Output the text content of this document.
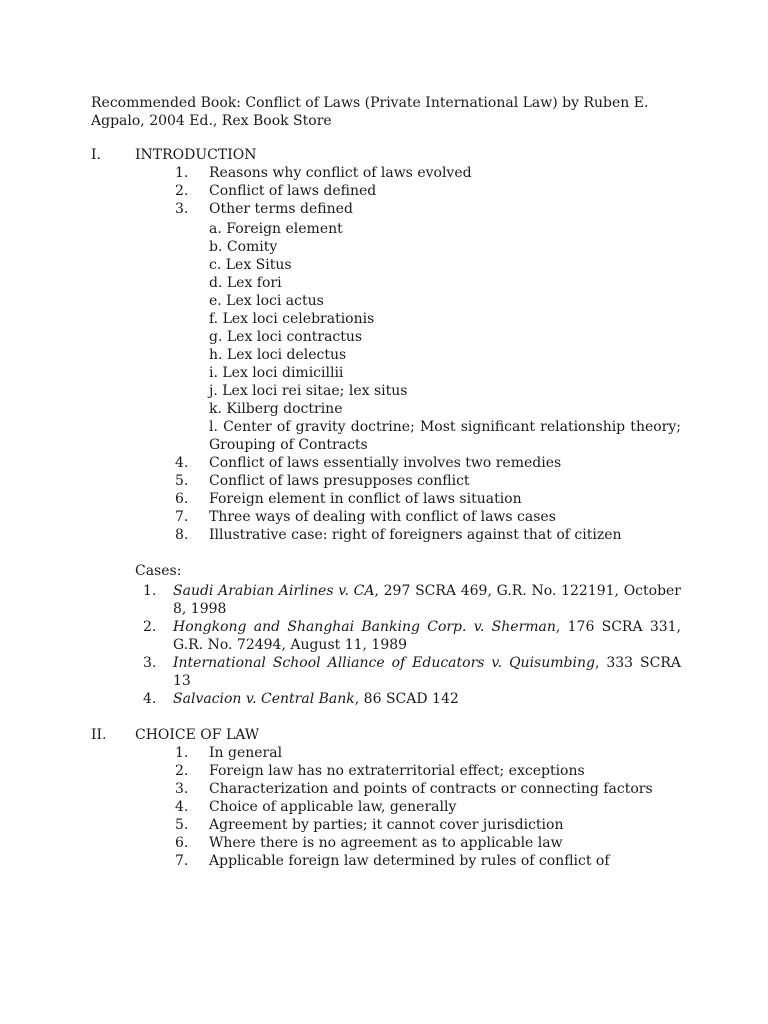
Recommended Book: Conflict of Laws (Private International Law) by Ruben E.
Agpalo, 2004 Ed., Rex Book Store
I. INTRODUCTION
1. Reasons why conflict of laws evolved
2. Conflict of laws defined
3. Other terms defined
a. Foreign element
b. Comity
c. Lex Situs
d. Lex fori
e. Lex loci actus
f. Lex loci celebrationis
g. Lex loci contractus
h. Lex loci delectus
i. Lex loci dimicillii
j. Lex loci rei sitae; lex situs
k. Kilberg doctrine
l. Center of gravity doctrine; Most significant relationship theory; Grouping of Contracts
4. Conflict of laws essentially involves two remedies
5. Conflict of laws presupposes conflict
6. Foreign element in conflict of laws situation
7. Three ways of dealing with conflict of laws cases
8. Illustrative case: right of foreigners against that of citizen
Cases:
1. Saudi Arabian Airlines v. CA, 297 SCRA 469, G.R. No. 122191, October 8, 1998
2. Hongkong and Shanghai Banking Corp. v. Sherman, 176 SCRA 331, G.R. No. 72494, August 11, 1989
3. International School Alliance of Educators v. Quisumbing, 333 SCRA 13
4. Salvacion v. Central Bank, 86 SCAD 142
II. CHOICE OF LAW
1. In general
2. Foreign law has no extraterritorial effect; exceptions
3. Characterization and points of contracts or connecting factors
4. Choice of applicable law, generally
5. Agreement by parties; it cannot cover jurisdiction
6. Where there is no agreement as to applicable law
7. Applicable foreign law determined by rules of conflict of
